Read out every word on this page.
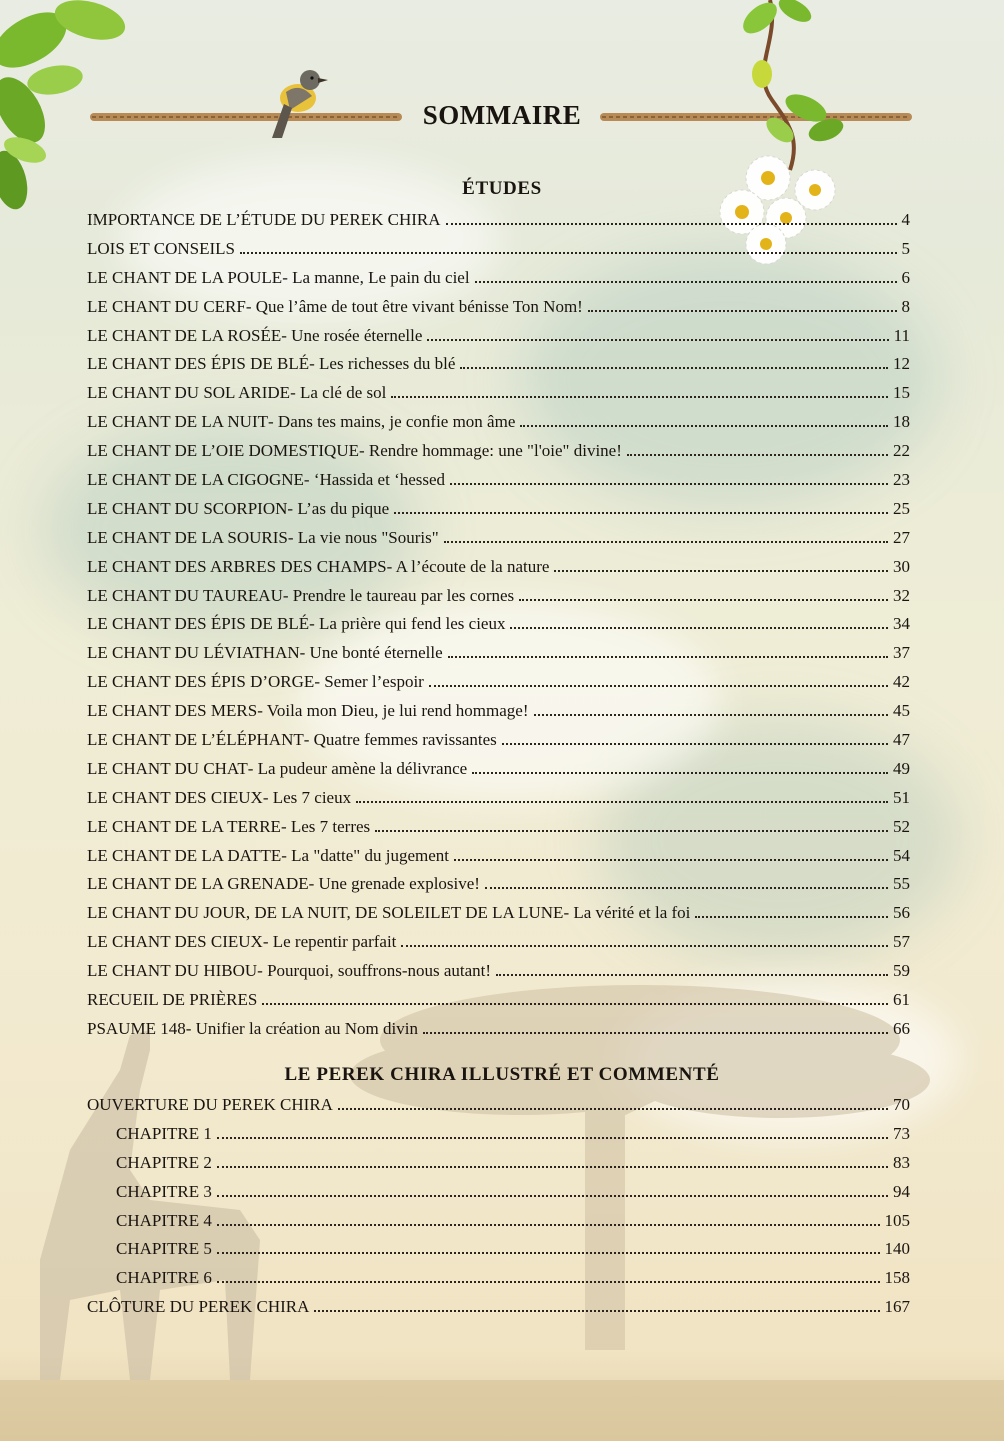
SOMMAIRE
ÉTUDES
IMPORTANCE DE L’ÉTUDE DU PEREK CHIRA	4
LOIS ET CONSEILS	5
LE CHANT DE LA POULE - La manne, Le pain du ciel	6
LE CHANT DU CERF - Que l’âme de tout être vivant bénisse Ton Nom!	8
LE CHANT DE LA ROSÉE - Une rosée éternelle	11
LE CHANT DES ÉPIS DE BLÉ - Les richesses du blé	12
LE CHANT DU SOL ARIDE - La clé de sol	15
LE CHANT DE LA NUIT - Dans tes mains, je confie mon âme	18
LE CHANT DE L’OIE DOMESTIQUE - Rendre hommage: une "l'oie" divine!	22
LE CHANT DE LA CIGOGNE - ‘Hassida et ‘hessed	23
LE CHANT DU SCORPION - L’as du pique	25
LE CHANT DE LA SOURIS - La vie nous "Souris"	27
LE CHANT DES ARBRES DES CHAMPS - A l’écoute de la nature	30
LE CHANT DU TAUREAU - Prendre le taureau par les cornes	32
LE CHANT DES ÉPIS DE BLÉ - La prière qui fend les cieux	34
LE CHANT DU LÉVIATHAN - Une bonté éternelle	37
LE CHANT DES ÉPIS D’ORGE - Semer l’espoir	42
LE CHANT DES MERS - Voila mon Dieu, je lui rend hommage!	45
LE CHANT DE L’ÉLÉPHANT - Quatre femmes ravissantes	47
LE CHANT DU CHAT - La pudeur amène la délivrance	49
LE CHANT DES CIEUX - Les 7 cieux	51
LE CHANT DE LA TERRE - Les 7 terres	52
LE CHANT DE LA DATTE - La "datte" du jugement	54
LE CHANT DE LA GRENADE - Une grenade explosive!	55
LE CHANT DU JOUR, DE LA NUIT, DE SOLEILET DE LA LUNE - La vérité et la foi	56
LE CHANT DES CIEUX - Le repentir parfait	57
LE CHANT DU HIBOU - Pourquoi, souffrons-nous autant!	59
RECUEIL DE PRIÈRES	61
PSAUME 148 - Unifier la création au Nom divin	66
LE PEREK CHIRA ILLUSTRÉ ET COMMENTÉ
OUVERTURE DU PEREK CHIRA	70
CHAPITRE 1	73
CHAPITRE 2	83
CHAPITRE 3	94
CHAPITRE 4	105
CHAPITRE 5	140
CHAPITRE 6	158
CLÔTURE DU PEREK CHIRA	167
